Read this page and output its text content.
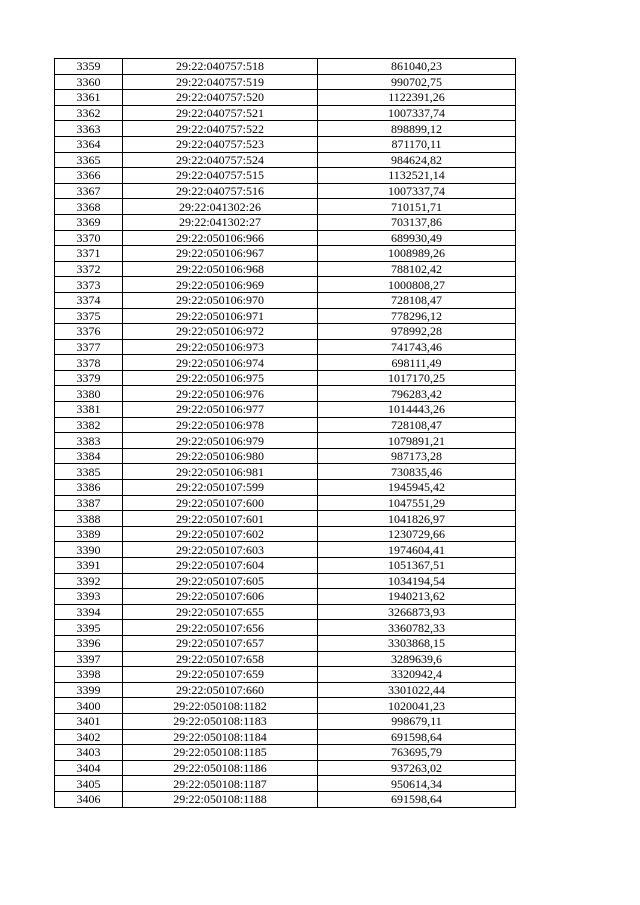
3359	29:22:040757:518	861040,23
3360	29:22:040757:519	990702,75
3361	29:22:040757:520	1122391,26
3362	29:22:040757:521	1007337,74
3363	29:22:040757:522	898899,12
3364	29:22:040757:523	871170,11
3365	29:22:040757:524	984624,82
3366	29:22:040757:515	1132521,14
3367	29:22:040757:516	1007337,74
3368	29:22:041302:26	710151,71
3369	29:22:041302:27	703137,86
3370	29:22:050106:966	689930,49
3371	29:22:050106:967	1008989,26
3372	29:22:050106:968	788102,42
3373	29:22:050106:969	1000808,27
3374	29:22:050106:970	728108,47
3375	29:22:050106:971	778296,12
3376	29:22:050106:972	978992,28
3377	29:22:050106:973	741743,46
3378	29:22:050106:974	698111,49
3379	29:22:050106:975	1017170,25
3380	29:22:050106:976	796283,42
3381	29:22:050106:977	1014443,26
3382	29:22:050106:978	728108,47
3383	29:22:050106:979	1079891,21
3384	29:22:050106:980	987173,28
3385	29:22:050106:981	730835,46
3386	29:22:050107:599	1945945,42
3387	29:22:050107:600	1047551,29
3388	29:22:050107:601	1041826,97
3389	29:22:050107:602	1230729,66
3390	29:22:050107:603	1974604,41
3391	29:22:050107:604	1051367,51
3392	29:22:050107:605	1034194,54
3393	29:22:050107:606	1940213,62
3394	29:22:050107:655	3266873,93
3395	29:22:050107:656	3360782,33
3396	29:22:050107:657	3303868,15
3397	29:22:050107:658	3289639,6
3398	29:22:050107:659	3320942,4
3399	29:22:050107:660	3301022,44
3400	29:22:050108:1182	1020041,23
3401	29:22:050108:1183	998679,11
3402	29:22:050108:1184	691598,64
3403	29:22:050108:1185	763695,79
3404	29:22:050108:1186	937263,02
3405	29:22:050108:1187	950614,34
3406	29:22:050108:1188	691598,64
